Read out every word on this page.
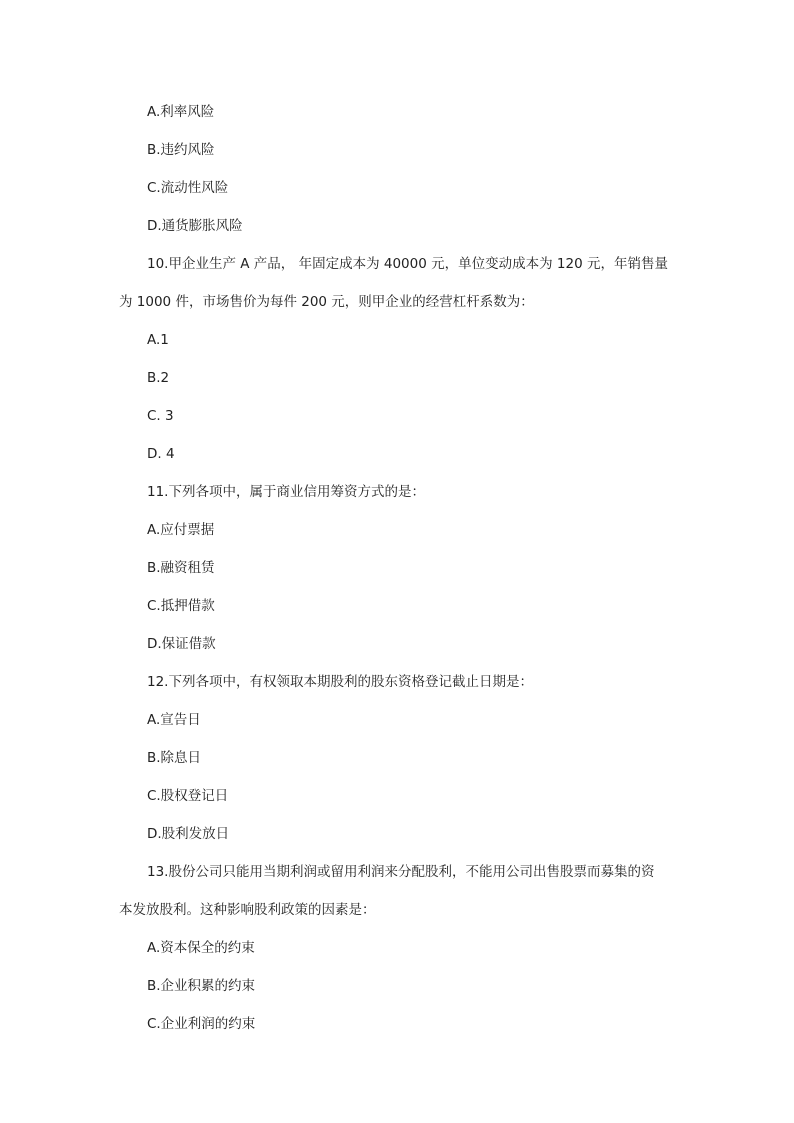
A.利率风险

B.违约风险

C.流动性风险

D.通货膨胀风险

10.甲企业生产 A 产品， 年固定成本为 40000 元，单位变动成本为 120 元，年销售量

为 1000 件，市场售价为每件 200 元，则甲企业的经营杠杆系数为：

A.1

B.2

C. 3

D. 4

11.下列各项中，属于商业信用筹资方式的是：

A.应付票据

B.融资租赁

C.抵押借款

D.保证借款

12.下列各项中，有权领取本期股利的股东资格登记截止日期是：

A.宣告日

B.除息日

C.股权登记日

D.股利发放日

13.股份公司只能用当期利润或留用利润来分配股利，不能用公司出售股票而募集的资

本发放股利。这种影响股利政策的因素是：

A.资本保全的约束

B.企业积累的约束

C.企业利润的约束
